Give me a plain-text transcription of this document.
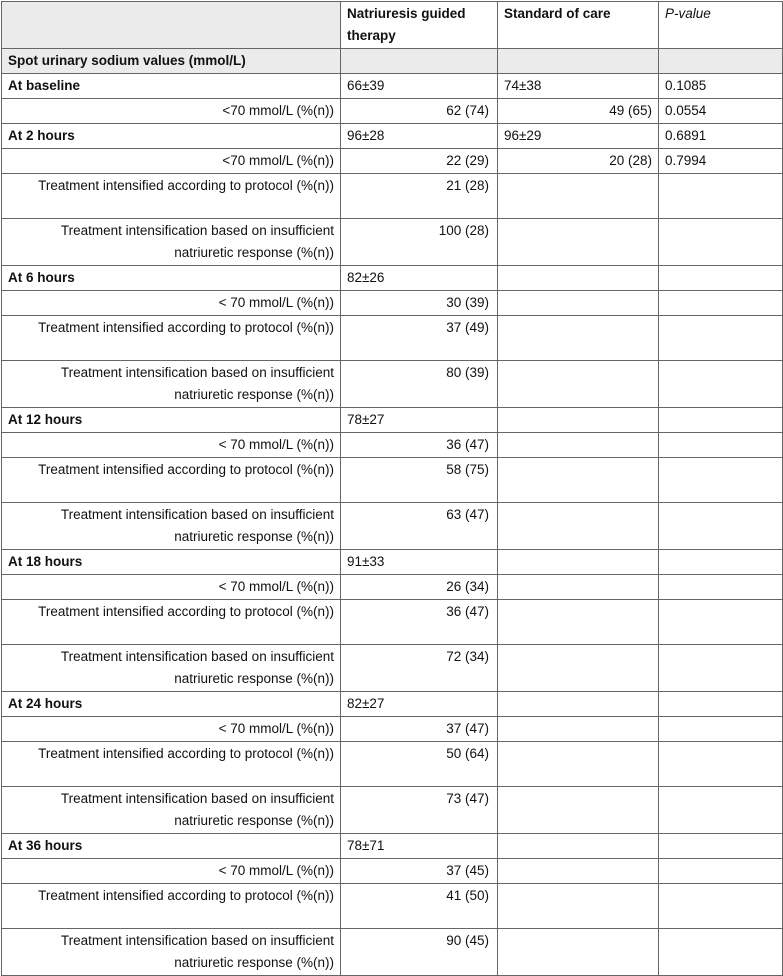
	Natriuresis guided therapy	Standard of care	P-value
Spot urinary sodium values (mmol/L)			
At baseline	66±39	74±38	0.1085
<70 mmol/L (%(n))	62 (74)	49 (65)	0.0554
At 2 hours	96±28	96±29	0.6891
<70 mmol/L (%(n))	22 (29)	20 (28)	0.7994
Treatment intensified according to protocol (%(n))	21 (28)		
Treatment intensification based on insufficient natriuretic response (%(n))	100 (28)		
At 6 hours	82±26		
< 70 mmol/L (%(n))	30 (39)		
Treatment intensified according to protocol (%(n))	37 (49)		
Treatment intensification based on insufficient natriuretic response (%(n))	80 (39)		
At 12 hours	78±27		
< 70 mmol/L (%(n))	36 (47)		
Treatment intensified according to protocol (%(n))	58 (75)		
Treatment intensification based on insufficient natriuretic response (%(n))	63 (47)		
At 18 hours	91±33		
< 70 mmol/L (%(n))	26 (34)		
Treatment intensified according to protocol (%(n))	36 (47)		
Treatment intensification based on insufficient natriuretic response (%(n))	72 (34)		
At 24 hours	82±27		
< 70 mmol/L (%(n))	37 (47)		
Treatment intensified according to protocol (%(n))	50 (64)		
Treatment intensification based on insufficient natriuretic response (%(n))	73 (47)		
At 36 hours	78±71		
< 70 mmol/L (%(n))	37 (45)		
Treatment intensified according to protocol (%(n))	41 (50)		
Treatment intensification based on insufficient natriuretic response (%(n))	90 (45)		
